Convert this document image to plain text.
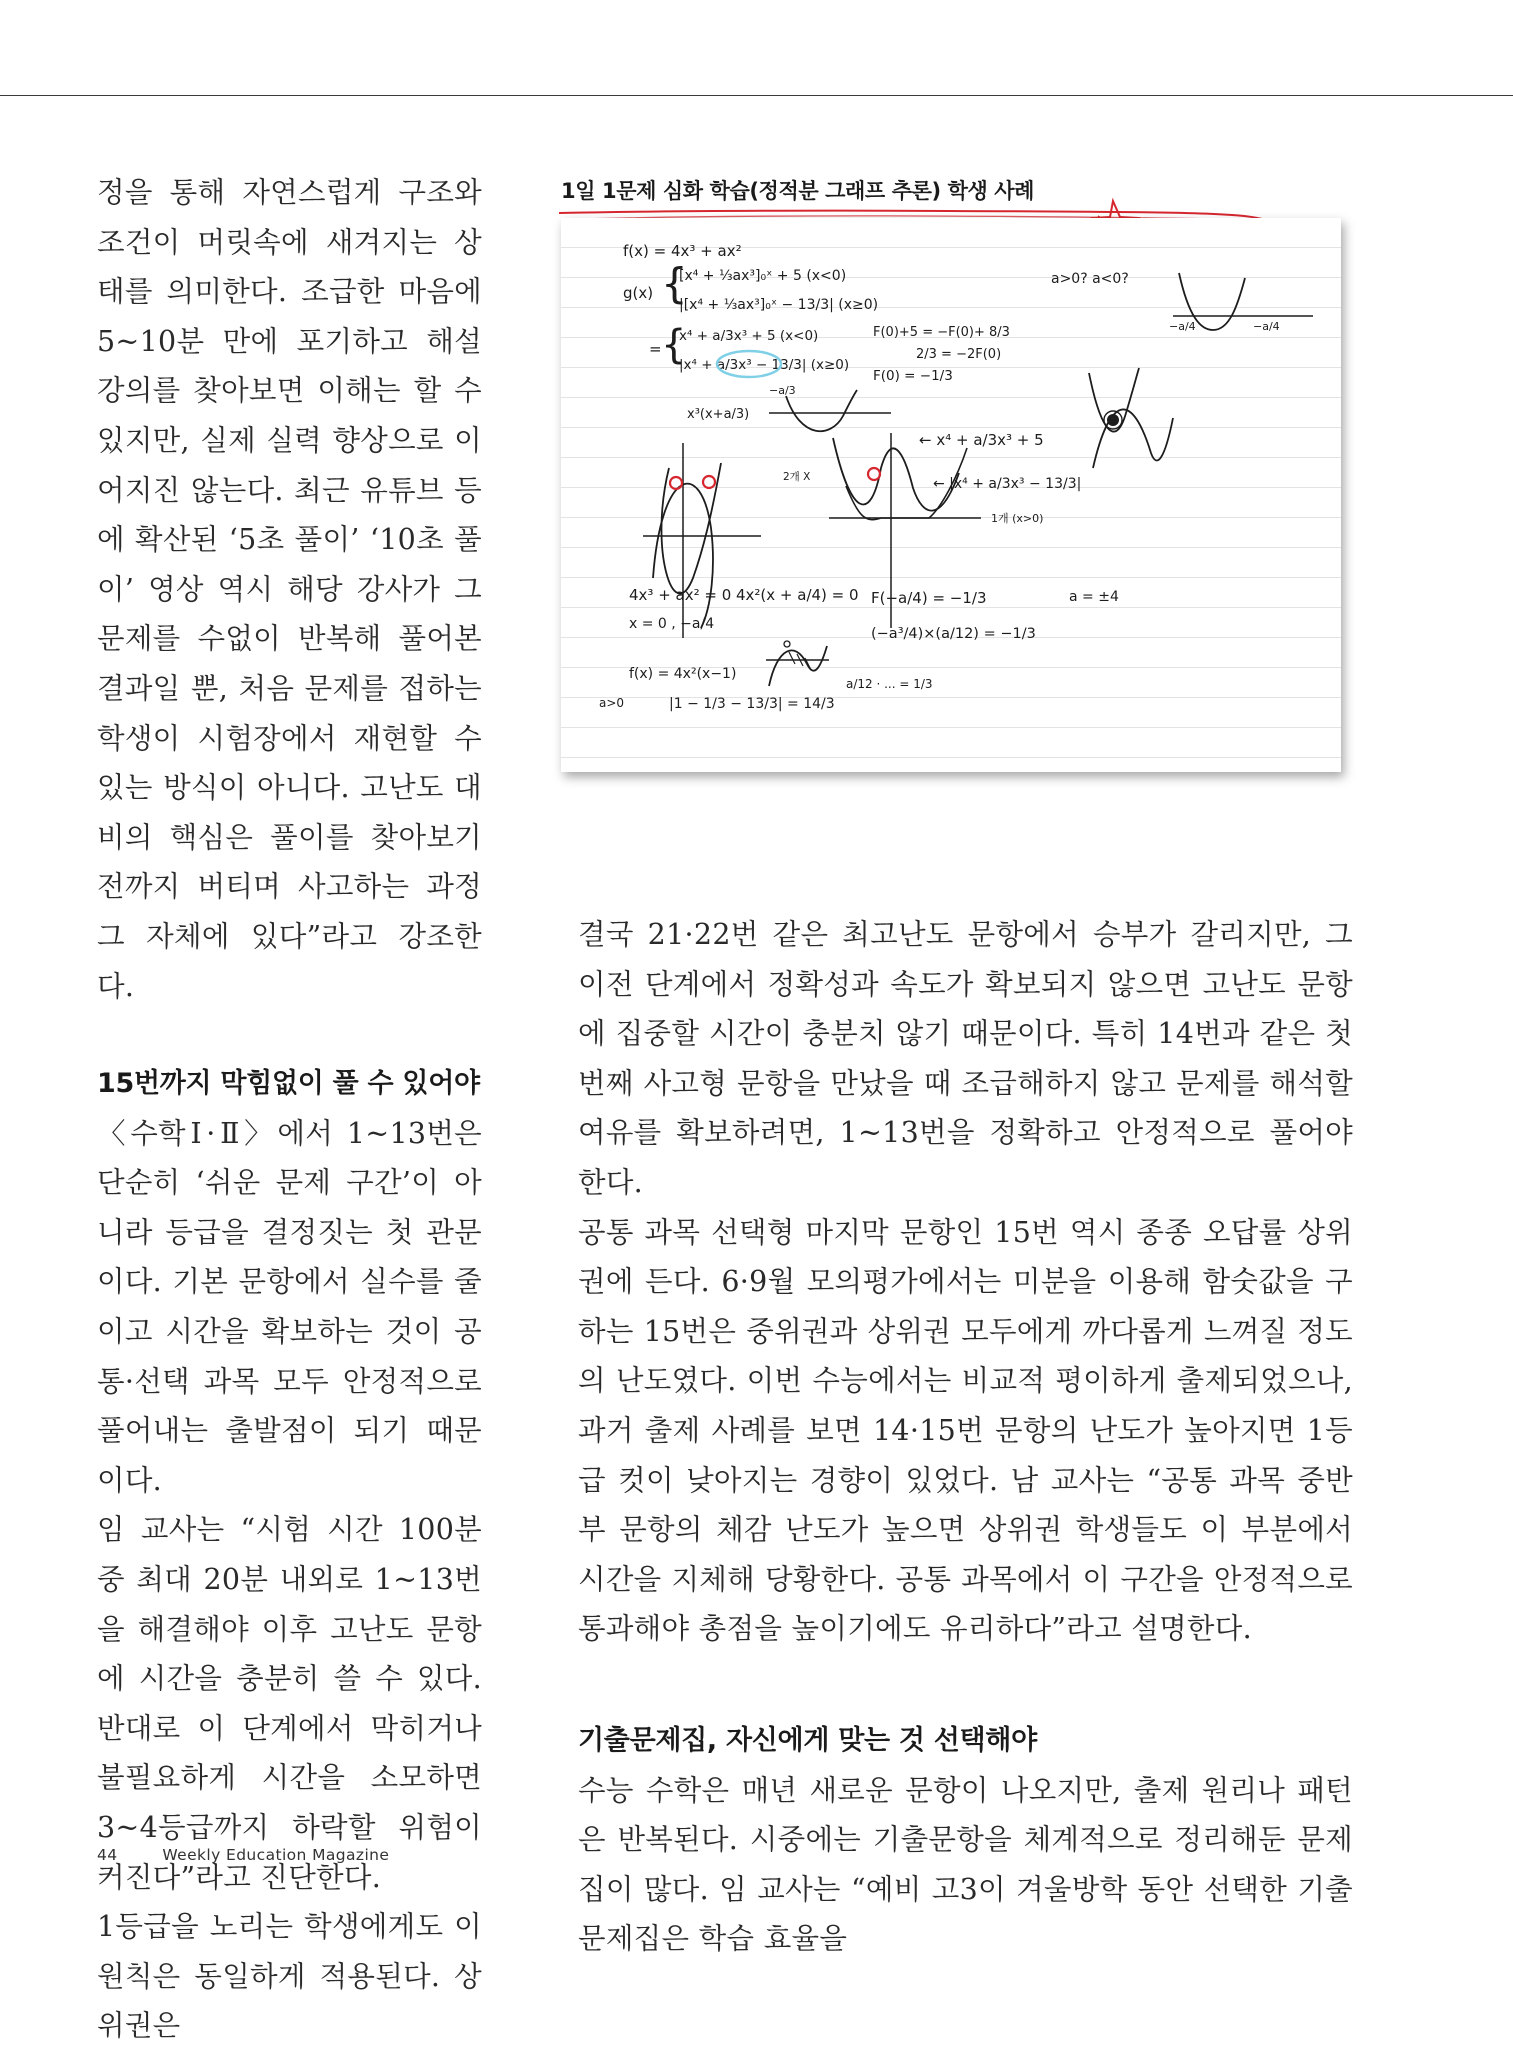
정을 통해 자연스럽게 구조와 조건이 머릿속에 새겨지는 상태를 의미한다. 조급한 마음에 5~10분 만에 포기하고 해설 강의를 찾아보면 이해는 할 수 있지만, 실제 실력 향상으로 이어지진 않는다. 최근 유튜브 등에 확산된 ‘5초 풀이’ ‘10초 풀이’ 영상 역시 해당 강사가 그 문제를 수없이 반복해 풀어본 결과일 뿐, 처음 문제를 접하는 학생이 시험장에서 재현할 수 있는 방식이 아니다. 고난도 대비의 핵심은 풀이를 찾아보기 전까지 버티며 사고하는 과정 그 자체에 있다”라고 강조한다.

15번까지 막힘없이 풀 수 있어야

〈수학Ⅰ·Ⅱ〉에서 1~13번은 단순히 ‘쉬운 문제 구간’이 아니라 등급을 결정짓는 첫 관문이다. 기본 문항에서 실수를 줄이고 시간을 확보하는 것이 공통·선택 과목 모두 안정적으로 풀어내는 출발점이 되기 때문이다.

임 교사는 “시험 시간 100분 중 최대 20분 내외로 1~13번을 해결해야 이후 고난도 문항에 시간을 충분히 쓸 수 있다. 반대로 이 단계에서 막히거나 불필요하게 시간을 소모하면 3~4등급까지 하락할 위험이 커진다”라고 진단한다.

1등급을 노리는 학생에게도 이 원칙은 동일하게 적용된다. 상위권은

1일 1문제 심화 학습(정적분 그래프 추론) 학생 사례
f(x) = 4x³ + ax²
g(x) {
[x⁴ + ⅓ax³]₀ˣ + 5 (x<0)
|[x⁴ + ⅓ax³]₀ˣ − 13/3| (x≥0)
= {
x⁴ + a/3x³ + 5 (x<0)
|x⁴ + a/3x³ − 13/3| (x≥0)
F(0)+5 = −F(0)+ 8/3
2/3 = −2F(0)
F(0) = −1/3
a>0? a<0?
−a/4	−a/4
x³(x+a/3)
−a/3
2개 X
← x⁴ + a/3x³ + 5
← |x⁴ + a/3x³ − 13/3|
1개 (x>0)
4x³ + ax² = 0 4x²(x + a/4) = 0
x = 0 , −a/4
F(−a/4) = −1/3
(−a³/4)×(a/12) = −1/3
a = ±4
f(x) = 4x²(x−1)
a/12 · ... = 1/3
a>0	|1 − 1/3 − 13/3| = 14/3

결국 21·22번 같은 최고난도 문항에서 승부가 갈리지만, 그 이전 단계에서 정확성과 속도가 확보되지 않으면 고난도 문항에 집중할 시간이 충분치 않기 때문이다. 특히 14번과 같은 첫 번째 사고형 문항을 만났을 때 조급해하지 않고 문제를 해석할 여유를 확보하려면, 1~13번을 정확하고 안정적으로 풀어야 한다.

공통 과목 선택형 마지막 문항인 15번 역시 종종 오답률 상위권에 든다. 6·9월 모의평가에서는 미분을 이용해 함숫값을 구하는 15번은 중위권과 상위권 모두에게 까다롭게 느껴질 정도의 난도였다. 이번 수능에서는 비교적 평이하게 출제되었으나, 과거 출제 사례를 보면 14·15번 문항의 난도가 높아지면 1등급 컷이 낮아지는 경향이 있었다. 남 교사는 “공통 과목 중반부 문항의 체감 난도가 높으면 상위권 학생들도 이 부분에서 시간을 지체해 당황한다. 공통 과목에서 이 구간을 안정적으로 통과해야 총점을 높이기에도 유리하다”라고 설명한다.

기출문제집, 자신에게 맞는 것 선택해야

수능 수학은 매년 새로운 문항이 나오지만, 출제 원리나 패턴은 반복된다. 시중에는 기출문항을 체계적으로 정리해둔 문제집이 많다. 임 교사는 “예비 고3이 겨울방학 동안 선택한 기출문제집은 학습 효율을

44	Weekly Education Magazine
